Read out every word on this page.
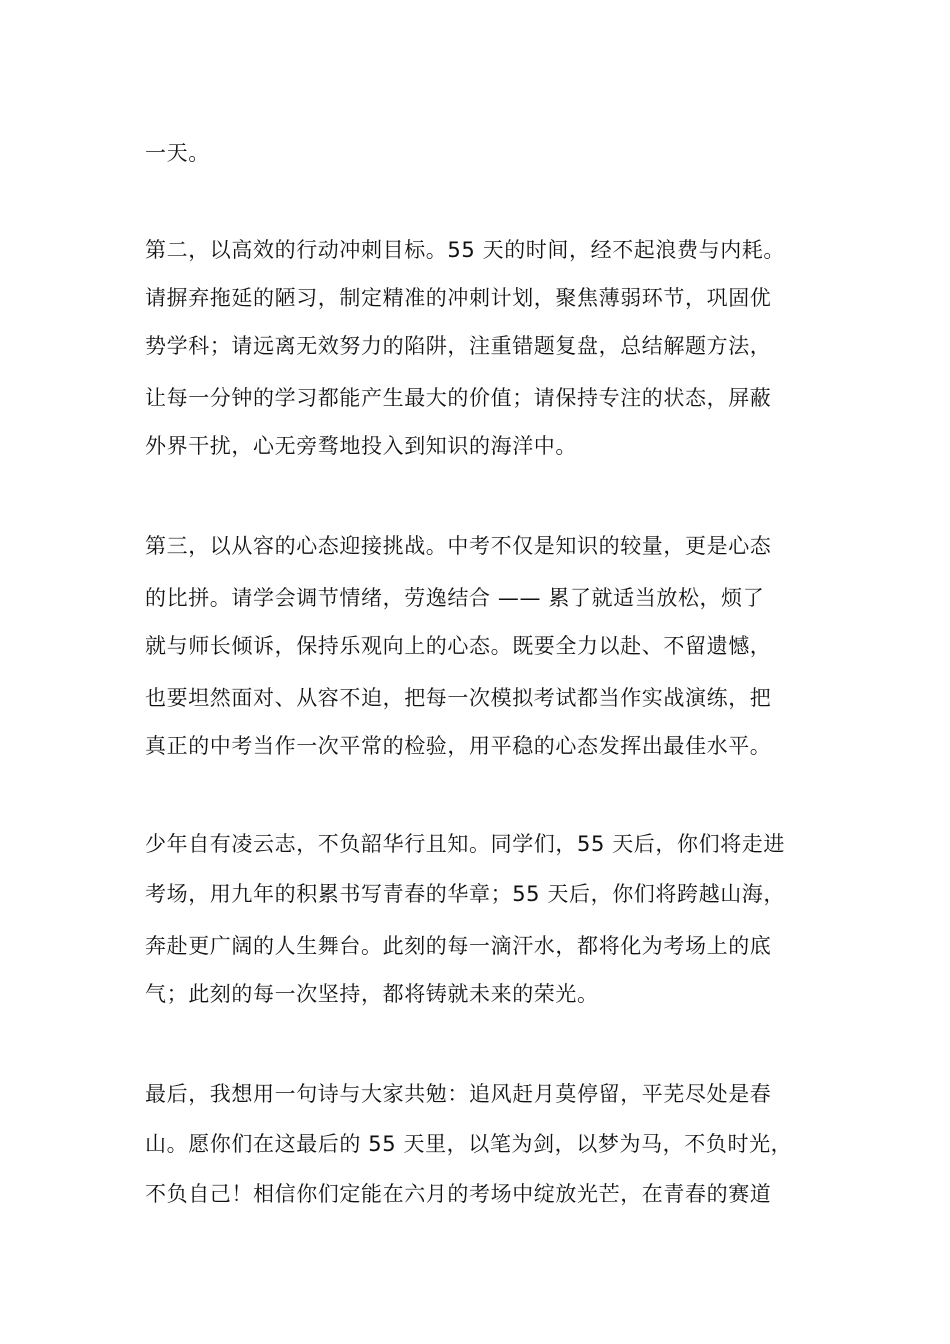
一天。
第二，以高效的行动冲刺目标。55 天的时间，经不起浪费与内耗。
请摒弃拖延的陋习，制定精准的冲刺计划，聚焦薄弱环节，巩固优
势学科；请远离无效努力的陷阱，注重错题复盘，总结解题方法，
让每一分钟的学习都能产生最大的价值；请保持专注的状态，屏蔽
外界干扰，心无旁骛地投入到知识的海洋中。
第三，以从容的心态迎接挑战。中考不仅是知识的较量，更是心态
的比拼。请学会调节情绪，劳逸结合 —— 累了就适当放松，烦了
就与师长倾诉，保持乐观向上的心态。既要全力以赴、不留遗憾，
也要坦然面对、从容不迫，把每一次模拟考试都当作实战演练，把
真正的中考当作一次平常的检验，用平稳的心态发挥出最佳水平。
少年自有凌云志，不负韶华行且知。同学们，55 天后，你们将走进
考场，用九年的积累书写青春的华章；55 天后，你们将跨越山海，
奔赴更广阔的人生舞台。此刻的每一滴汗水，都将化为考场上的底
气；此刻的每一次坚持，都将铸就未来的荣光。
最后，我想用一句诗与大家共勉：追风赶月莫停留，平芜尽处是春
山。愿你们在这最后的 55 天里，以笔为剑，以梦为马，不负时光，
不负自己！相信你们定能在六月的考场中绽放光芒，在青春的赛道
